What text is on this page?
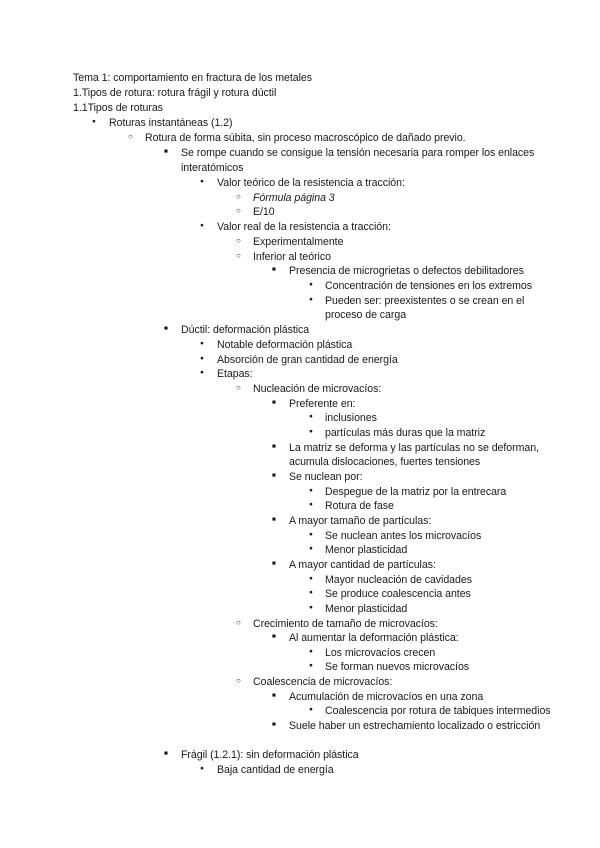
Tema 1: comportamiento en fractura de los metales
1.Tipos de rotura: rotura frágil y rotura dúctil
1.1Tipos de roturas
●
Roturas instantáneas (1.2)
○
Rotura de forma súbita, sin proceso macroscópico de dañado previo.
■
Se rompe cuando se consigue la tensión necesaria para romper los enlaces
interatómicos
●
Valor teórico de la resistencia a tracción:
○
Fórmula página 3
○
E/10
●
Valor real de la resistencia a tracción:
○
Experimentalmente
○
Inferior al teórico
■
Presencia de microgrietas o defectos debilitadores
●
Concentración de tensiones en los extremos
●
Pueden ser: preexistentes o se crean en el
proceso de carga
■
Dúctil: deformación plástica
●
Notable deformación plástica
●
Absorción de gran cantidad de energía
●
Etapas:
○
Nucleación de microvacíos:
■
Preferente en:
●
inclusiones
●
partículas más duras que la matriz
■
La matriz se deforma y las partículas no se deforman,
acumula dislocaciones, fuertes tensiones
■
Se nuclean por:
●
Despegue de la matriz por la entrecara
●
Rotura de fase
■
A mayor tamaño de partículas:
●
Se nuclean antes los microvacíos
●
Menor plasticidad
■
A mayor cantidad de partículas:
●
Mayor nucleación de cavidades
●
Se produce coalescencia antes
●
Menor plasticidad
○
Crecimiento de tamaño de microvacíos:
■
Al aumentar la deformación plástica:
●
Los microvacíos crecen
●
Se forman nuevos microvacíos
○
Coalescencia de microvacíos:
■
Acumulación de microvacíos en una zona
●
Coalescencia por rotura de tabiques intermedios
■
Suele haber un estrechamiento localizado o estricción
■
Frágil (1.2.1): sin deformación plástica
●
Baja cantidad de energía
